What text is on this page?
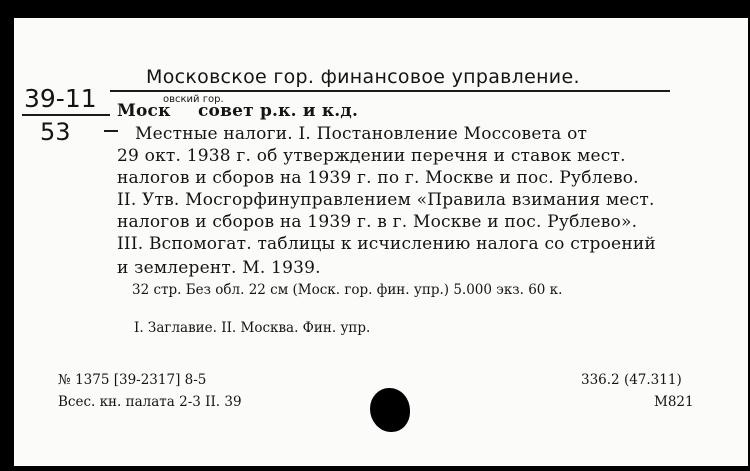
39-11
53
Московское гор. финансовое управление.
Моск
овский гор.
совет р.к. и к.д.
Местные налоги. I. Постановление Моссовета от
29 окт. 1938 г. об утверждении перечня и ставок мест.
налогов и сборов на 1939 г. по г. Москве и пос. Рублево.
II. Утв. Мосгорфинуправлением «Правила взимания мест.
налогов и сборов на 1939 г. в г. Москве и пос. Рублево».
III. Вспомогат. таблицы к исчислению налога со строений
и землерент. М. 1939.
32 стр. Без обл. 22 см (Моск. гор. фин. упр.) 5.000 экз. 60 к.
I. Заглавие. II. Москва. Фин. упр.
№ 1375 [39-2317] 8-5
Всес. кн. палата 2-3 II. 39
336.2 (47.311)
М821
